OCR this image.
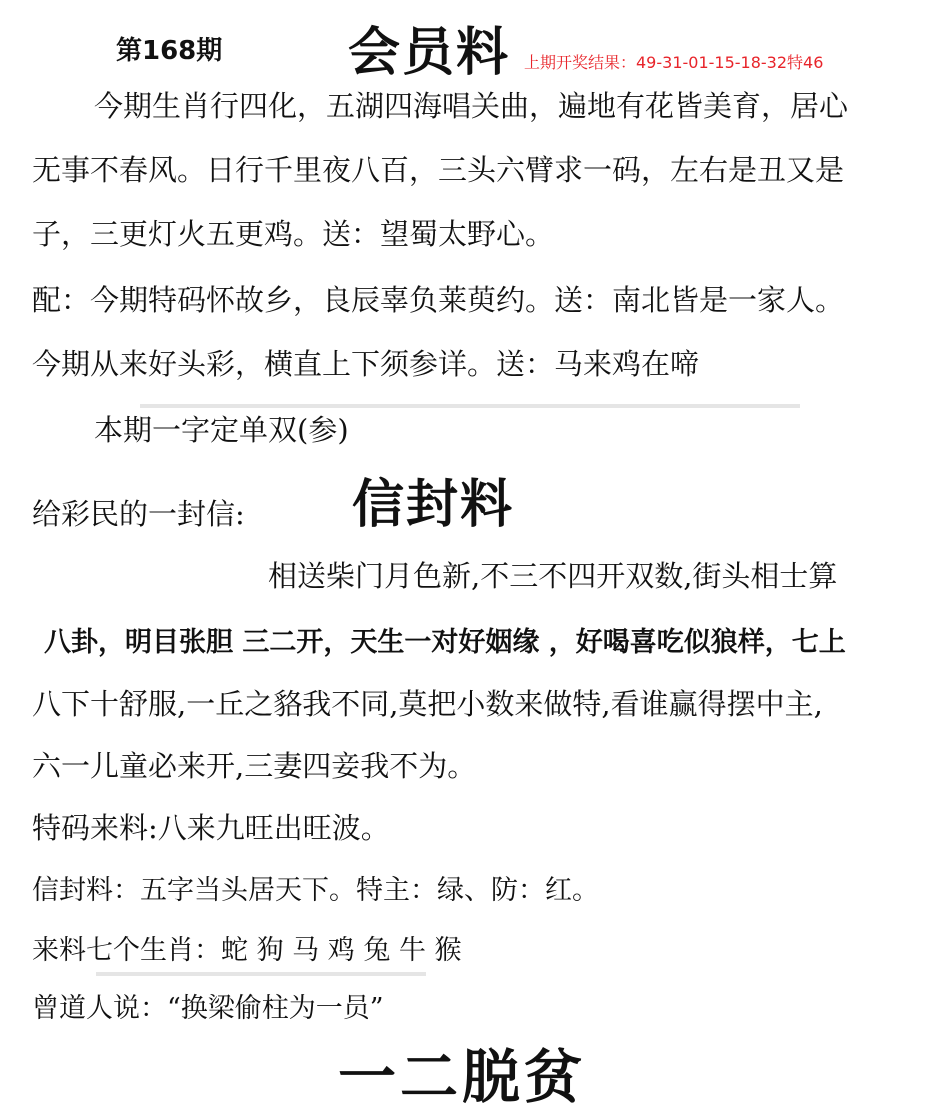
第168期 会员料 上期开奖结果：49-31-01-15-18-32特46
今期生肖行四化，五湖四海唱关曲，遍地有花皆美育，居心
无事不春风。日行千里夜八百，三头六臂求一码，左右是丑又是
子，三更灯火五更鸡。送：望蜀太野心。
配：今期特码怀故乡，良辰辜负莱萸约。送：南北皆是一家人。
今期从来好头彩，横直上下须参详。送：马来鸡在啼
本期一字定单双(参)
给彩民的一封信: 信封料
相送柴门月色新,不三不四开双数,街头相士算
八卦，明目张胆 三二开，天生一对好姻缘 ，好喝喜吃似狼样，七上
八下十舒服,一丘之貉我不同,莫把小数来做特,看谁赢得摆中主,
六一儿童必来开,三妻四妾我不为。
特码来料:八来九旺出旺波。
信封料：五字当头居天下。特主：绿、防：红。
来料七个生肖：蛇 狗 马 鸡 兔 牛 猴
曾道人说：“换梁偷柱为一员”
一二脱贫
